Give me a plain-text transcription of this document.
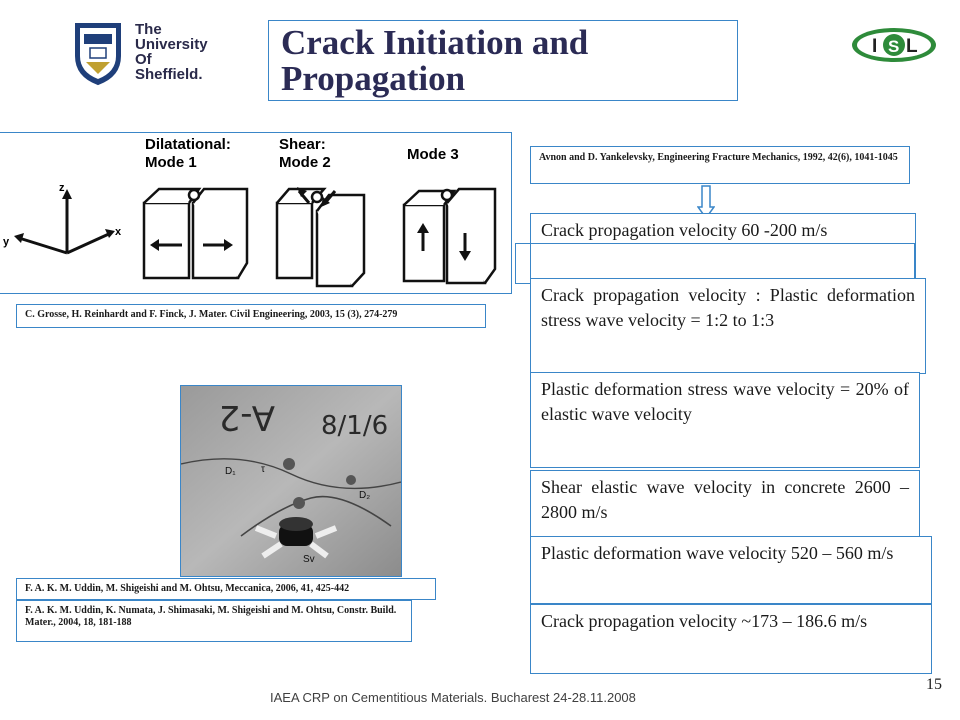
The
University
Of
Sheffield.
I S L
Crack Initiation and Propagation
z
x
y
Dilatational:
Mode 1
Shear:
Mode 2	Mode 3
C. Grosse, H. Reinhardt and F. Finck, J. Mater. Civil Engineering, 2003, 15 (3), 274-279
Avnon and D. Yankelevsky, Engineering Fracture Mechanics, 1992, 42(6), 1041-1045
A-2 8/1/6
D₁	τ
D₂
Sv
F. A. K. M. Uddin, M. Shigeishi and M. Ohtsu, Meccanica, 2006, 41, 425-442
F. A. K. M. Uddin, K. Numata, J. Shimasaki, M. Shigeishi and M. Ohtsu, Constr. Build. Mater., 2004, 18, 181-188
Crack propagation velocity 60 -200 m/s
Crack propagation velocity : Plastic deformation stress wave velocity = 1:2 to 1:3
Plastic deformation stress wave velocity = 20% of elastic wave velocity
Shear elastic wave velocity in concrete 2600 – 2800 m/s
Plastic deformation wave velocity 520 – 560 m/s
Crack propagation velocity ~173 – 186.6 m/s
IAEA CRP on Cementitious Materials. Bucharest 24-28.11.2008
15
